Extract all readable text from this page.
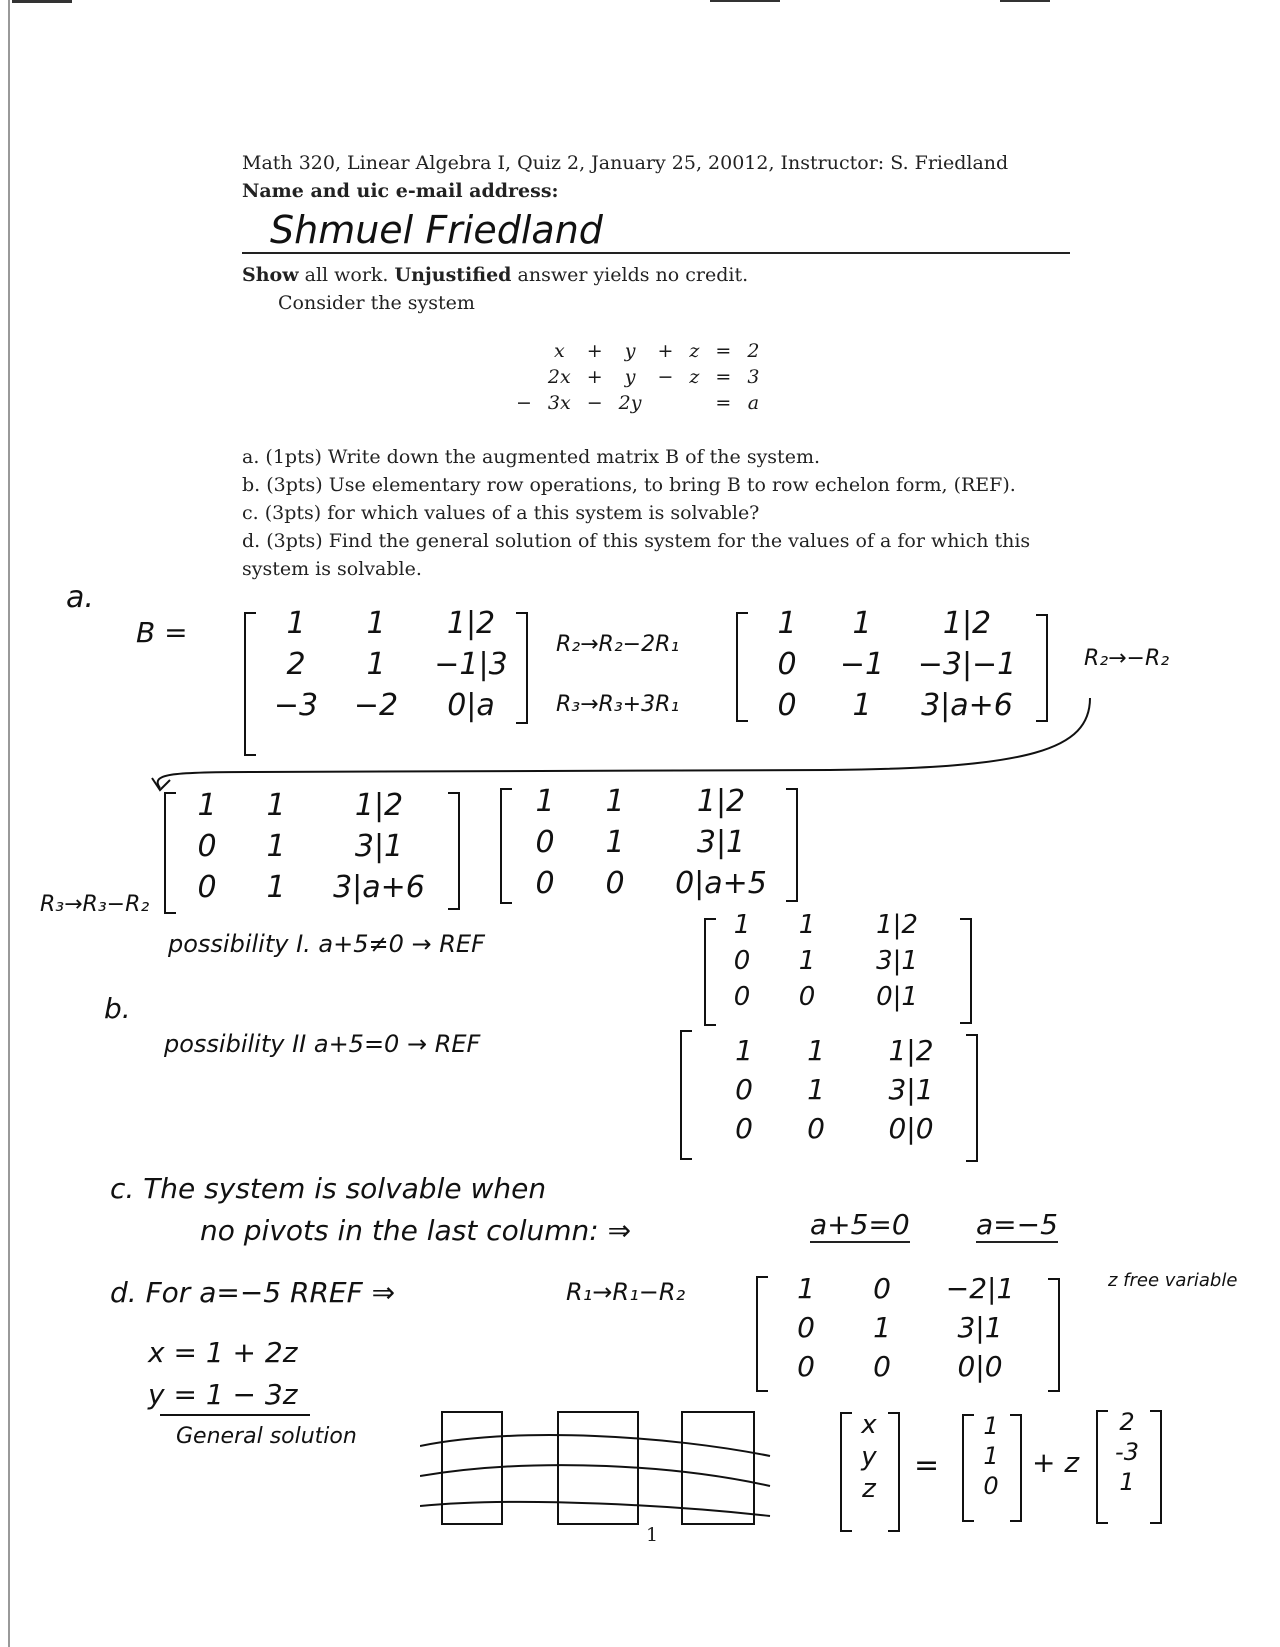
Math 320, Linear Algebra I, Quiz 2, January 25, 20012, Instructor: S. Friedland
Name and uic e-mail address:
Shmuel Friedland
Show all work. Unjustified answer yields no credit.
Consider the system
	x	+	y	+	z	=	2
	2x	+	y	−	z	=	3
−	3x	−	2y			=	a
a. (1pts) Write down the augmented matrix B of the system.
b. (3pts) Use elementary row operations, to bring B to row echelon form, (REF).
c. (3pts) for which values of a this system is solvable?
d. (3pts) Find the general solution of this system for the values of a for which this
system is solvable.
a.
B =	1	1	1|2
2	1	−1|3
−3	−2	0|a
R₂→R₂−2R₁
R₃→R₃+3R₁
1	1	1|2
0	−1	−3|−1
0	1	3|a+6
R₂→−R₂
1	1	1|2
0	1	3|1
0	1	3|a+6
R₃→R₃−R₂
1	1	1|2
0	1	3|1
0	0	0|a+5
possibility I. a+5≠0 → REF
1	1	1|2
0	1	3|1
0	0	0|1
b.
possibility II a+5=0 → REF	1	1	1|2
0	1	3|1
0	0	0|0
c. The system is solvable when
no pivots in the last column: ⇒	a+5=0 a=−5
d. For a=−5 RREF ⇒	R₁→R₁−R₂	1	0	−2|1
0	1	3|1
0	0	0|0
z free variable
x = 1 + 2z
y = 1 − 3z
General solution	x
y
z
=
1
1
0
+ z
2
-3
1
1
